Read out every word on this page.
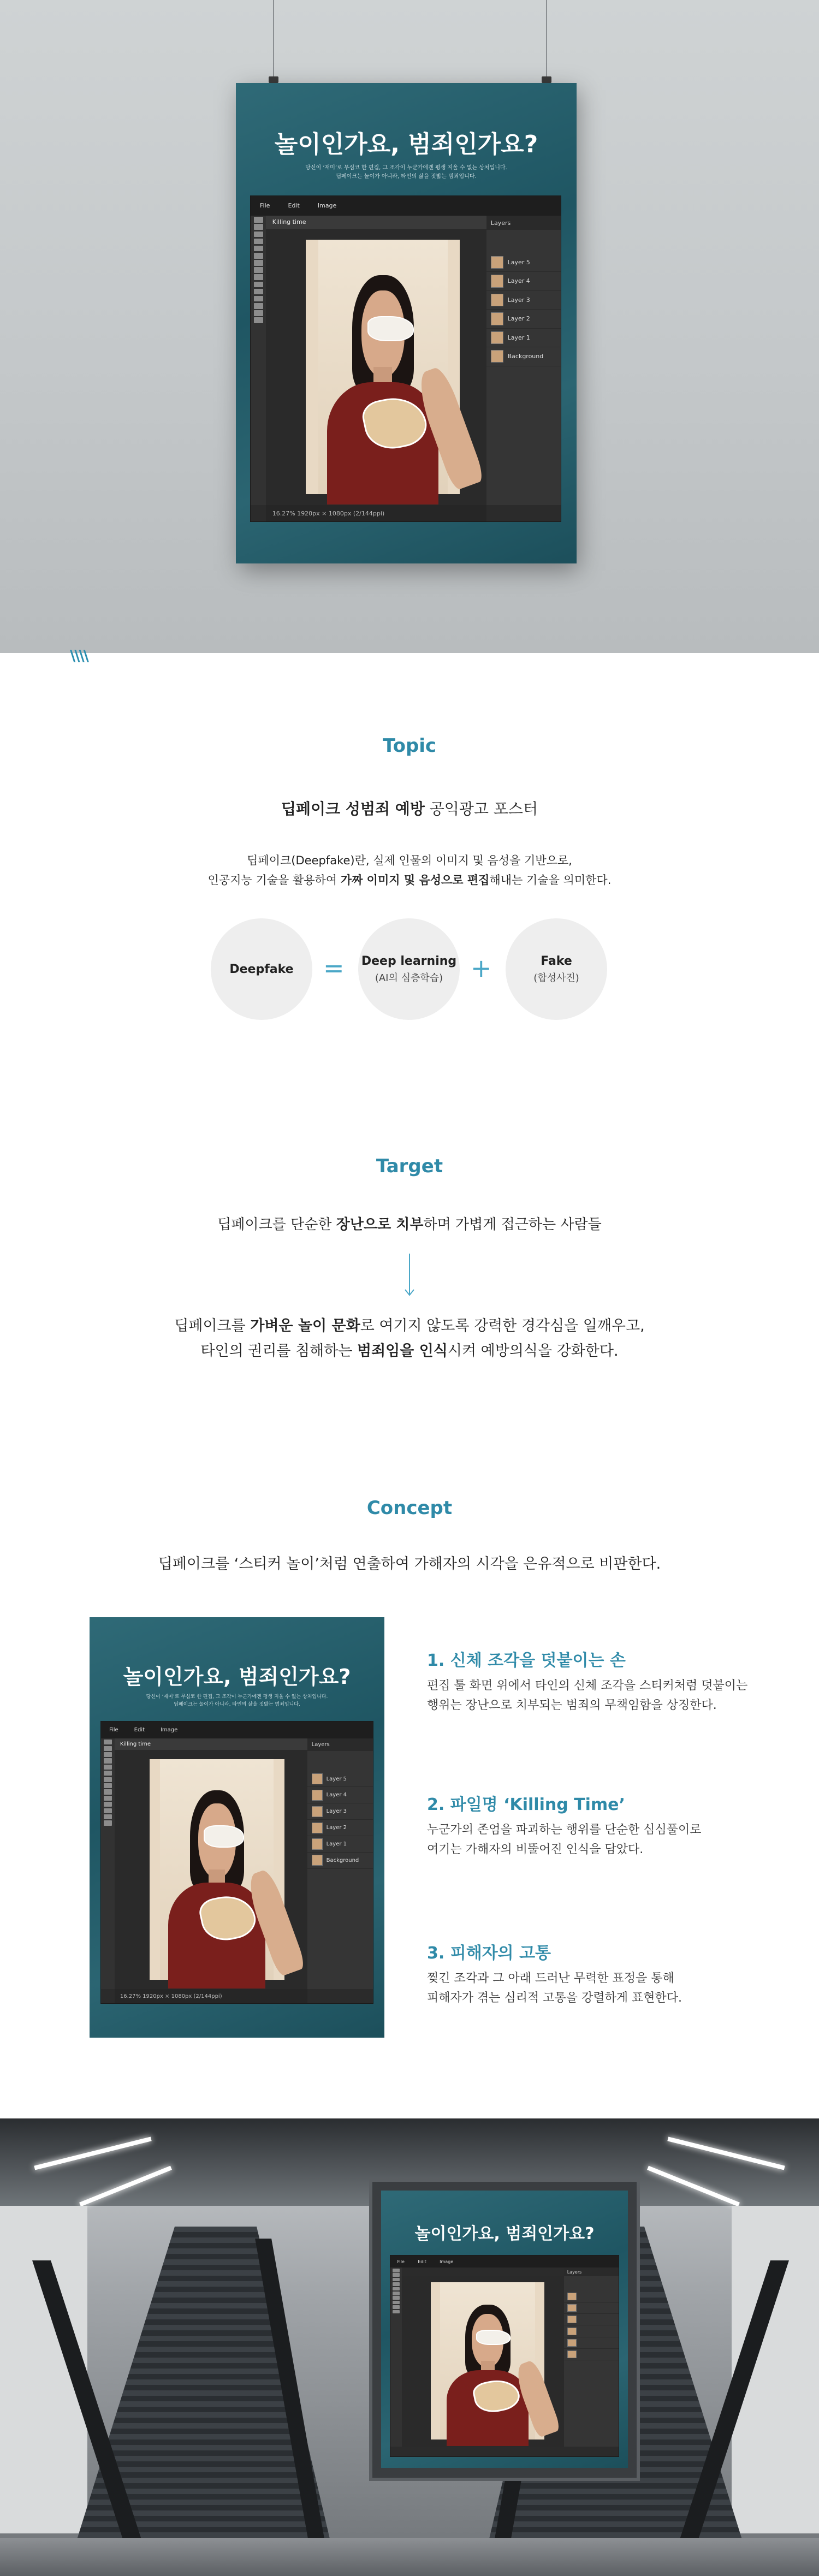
놀이인가요, 범죄인가요?
당신이 ‘재미’로 무심코 한 편집, 그 조각이 누군가에겐 평생 지울 수 없는 상처입니다.
딥페이크는 놀이가 아니라, 타인의 삶을 짓밟는 범죄입니다.
File	Edit	Image
Killing time	Layers
Layer 5
Layer 4
Layer 3
Layer 2
Layer 1
Background
16.27% 1920px × 1080px (2/144ppi)
\\\\
Topic
딥페이크 성범죄 예방 공익광고 포스터
딥페이크(Deepfake)란, 실제 인물의 이미지 및 음성을 기반으로,
인공지능 기술을 활용하여 가짜 이미지 및 음성으로 편집해내는 기술을 의미한다.
Deepfake = Deep learning
(AI의 심층학습) +	Fake
(합성사진)
Target
딥페이크를 단순한 장난으로 치부하며 가볍게 접근하는 사람들
딥페이크를 가벼운 놀이 문화로 여기지 않도록 강력한 경각심을 일깨우고,
타인의 권리를 침해하는 범죄임을 인식시켜 예방의식을 강화한다.
Concept
딥페이크를 ‘스티커 놀이’처럼 연출하여 가해자의 시각을 은유적으로 비판한다.
놀이인가요, 범죄인가요?
당신이 ‘재미’로 무심코 한 편집, 그 조각이 누군가에겐 평생 지울 수 없는 상처입니다.
딥페이크는 놀이가 아니라, 타인의 삶을 짓밟는 범죄입니다.
File	Edit	Image
Killing time	Layers
Layer 5
Layer 4
Layer 3
Layer 2
Layer 1
Background
16.27% 1920px × 1080px (2/144ppi)
1. 신체 조각을 덧붙이는 손
편집 툴 화면 위에서 타인의 신체 조각을 스티커처럼 덧붙이는
행위는 장난으로 치부되는 범죄의 무책임함을 상징한다.
2. 파일명 ‘Killing Time’
누군가의 존엄을 파괴하는 행위를 단순한 심심풀이로
여기는 가해자의 비뚤어진 인식을 담았다.
3. 피해자의 고통
찢긴 조각과 그 아래 드러난 무력한 표정을 통해
피해자가 겪는 심리적 고통을 강렬하게 표현한다.
놀이인가요, 범죄인가요?
File	Edit	Image
Layers
